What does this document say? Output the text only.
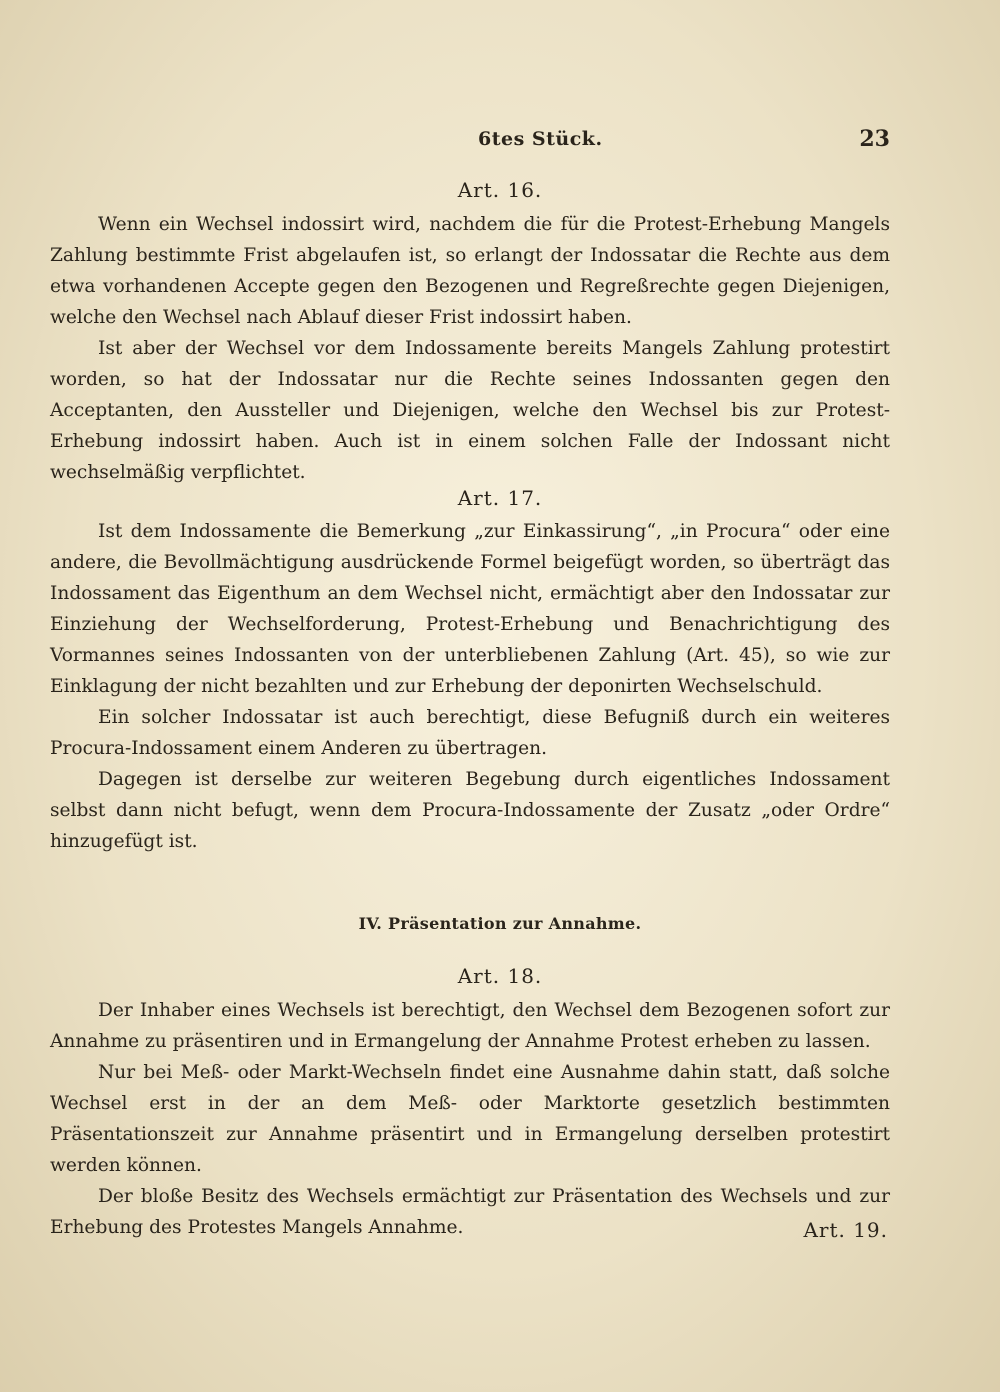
6tes Stück.	23
Art. 16.

Wenn ein Wechsel indossirt wird, nachdem die für die Protest-Erhebung Mangels Zahlung bestimmte Frist abgelaufen ist, so erlangt der Indossatar die Rechte aus dem etwa vorhandenen Accepte gegen den Bezogenen und Regreßrechte gegen Diejenigen, welche den Wechsel nach Ablauf dieser Frist indossirt haben.

Ist aber der Wechsel vor dem Indossamente bereits Mangels Zahlung protestirt worden, so hat der Indossatar nur die Rechte seines Indossanten gegen den Acceptanten, den Aussteller und Diejenigen, welche den Wechsel bis zur Protest-Erhebung indossirt haben. Auch ist in einem solchen Falle der Indossant nicht wechselmäßig verpflichtet.

Art. 17.

Ist dem Indossamente die Bemerkung „zur Einkassirung“, „in Procura“ oder eine andere, die Bevollmächtigung ausdrückende Formel beigefügt worden, so überträgt das Indossament das Eigenthum an dem Wechsel nicht, ermächtigt aber den Indossatar zur Einziehung der Wechselforderung, Protest-Erhebung und Benachrichtigung des Vormannes seines Indossanten von der unterbliebenen Zahlung (Art. 45), so wie zur Einklagung der nicht bezahlten und zur Erhebung der deponirten Wechselschuld.

Ein solcher Indossatar ist auch berechtigt, diese Befugniß durch ein weiteres Procura-Indossament einem Anderen zu übertragen.

Dagegen ist derselbe zur weiteren Begebung durch eigentliches Indossament selbst dann nicht befugt, wenn dem Procura-Indossamente der Zusatz „oder Ordre“ hinzugefügt ist.

IV. Präsentation zur Annahme.
Art. 18.

Der Inhaber eines Wechsels ist berechtigt, den Wechsel dem Bezogenen sofort zur Annahme zu präsentiren und in Ermangelung der Annahme Protest erheben zu lassen.

Nur bei Meß- oder Markt-Wechseln findet eine Ausnahme dahin statt, daß solche Wechsel erst in der an dem Meß- oder Marktorte gesetzlich bestimmten Präsentationszeit zur Annahme präsentirt und in Ermangelung derselben protestirt werden können.

Der bloße Besitz des Wechsels ermächtigt zur Präsentation des Wechsels und zur Erhebung des Protestes Mangels Annahme.	Art. 19.
